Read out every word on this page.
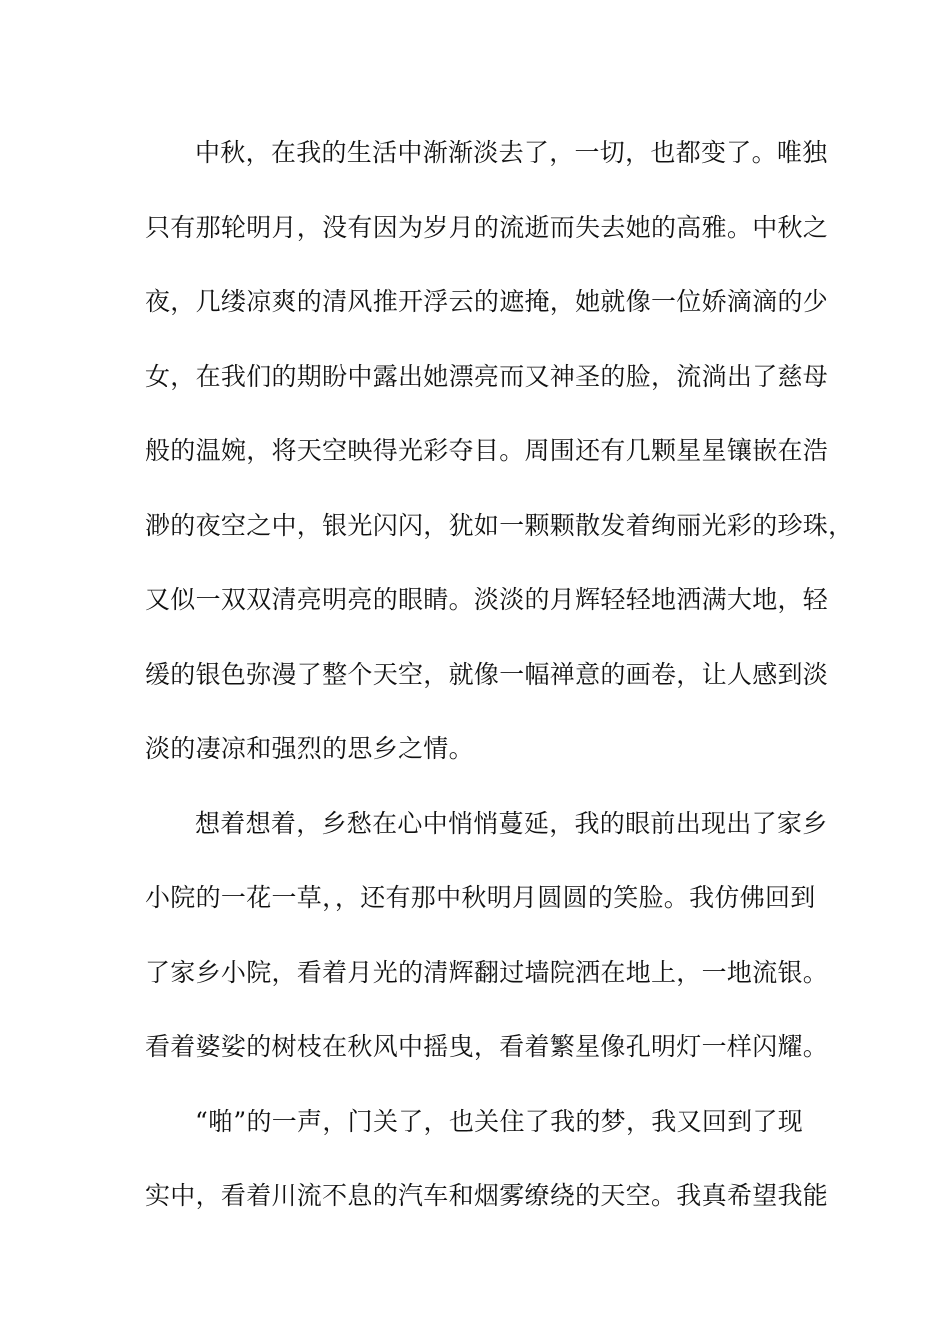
中秋，在我的生活中渐渐淡去了，一切，也都变了。唯独
只有那轮明月，没有因为岁月的流逝而失去她的高雅。中秋之
夜，几缕凉爽的清风推开浮云的遮掩，她就像一位娇滴滴的少
女，在我们的期盼中露出她漂亮而又神圣的脸，流淌出了慈母
般的温婉，将天空映得光彩夺目。周围还有几颗星星镶嵌在浩
渺的夜空之中，银光闪闪，犹如一颗颗散发着绚丽光彩的珍珠，
又似一双双清亮明亮的眼睛。淡淡的月辉轻轻地洒满大地，轻
缓的银色弥漫了整个天空，就像一幅禅意的画卷，让人感到淡
淡的凄凉和强烈的思乡之情。
想着想着，乡愁在心中悄悄蔓延，我的眼前出现出了家乡
小院的一花一草，，还有那中秋明月圆圆的笑脸。我仿佛回到
了家乡小院，看着月光的清辉翻过墙院洒在地上，一地流银。
看着婆娑的树枝在秋风中摇曳，看着繁星像孔明灯一样闪耀。
“啪”的一声，门关了，也关住了我的梦，我又回到了现
实中，看着川流不息的汽车和烟雾缭绕的天空。我真希望我能
